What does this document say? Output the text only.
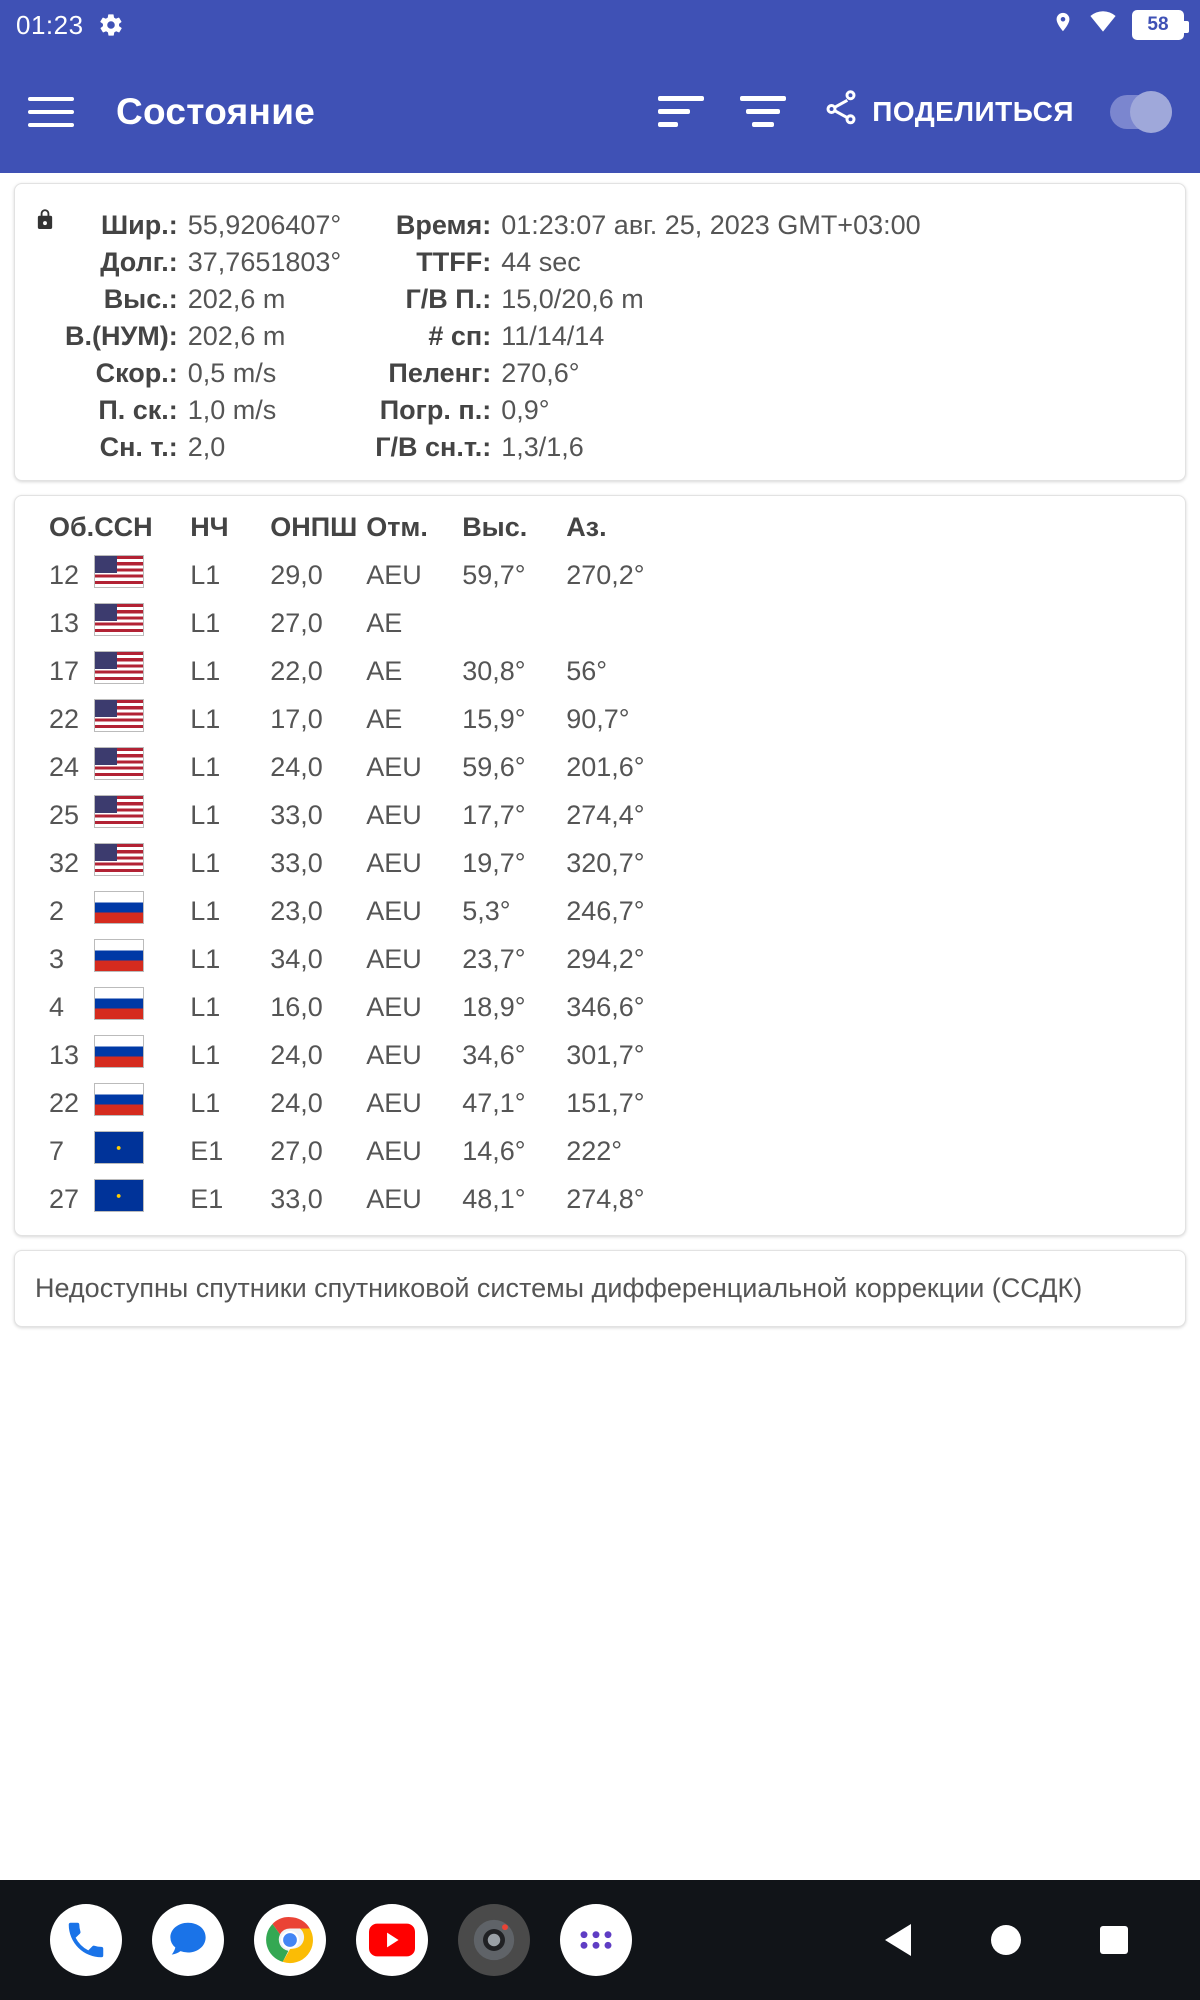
01:23	58
Состояние	ПОДЕЛИТЬСЯ
	Шир.:	55,9206407°	Время:	01:23:07 авг. 25, 2023 GMT+03:00
	Долг.:	37,7651803°	TTFF:	44 sec
	Выс.:	202,6 m	Г/В П.:	15,0/20,6 m
	В.(НУМ):	202,6 m	# сп:	11/14/14
	Скор.:	0,5 m/s	Пеленг:	270,6°
	П. ск.:	1,0 m/s	Погр. п.:	0,9°
	Сн. т.:	2,0	Г/В сн.т.:	1,3/1,6
Об.	ССН	НЧ	ОНПШ	Отм.	Выс.	Аз.
12		L1	29,0	AEU	59,7°	270,2°
13		L1	27,0	AE		
17		L1	22,0	AE	30,8°	56°
22		L1	17,0	AE	15,9°	90,7°
24		L1	24,0	AEU	59,6°	201,6°
25		L1	33,0	AEU	17,7°	274,4°
32		L1	33,0	AEU	19,7°	320,7°
2		L1	23,0	AEU	5,3°	246,7°
3		L1	34,0	AEU	23,7°	294,2°
4		L1	16,0	AEU	18,9°	346,6°
13		L1	24,0	AEU	34,6°	301,7°
22		L1	24,0	AEU	47,1°	151,7°
7	●	E1	27,0	AEU	14,6°	222°
27	●	E1	33,0	AEU	48,1°	274,8°
Недоступны спутники спутниковой системы дифференциальной коррекции (ССДК)
